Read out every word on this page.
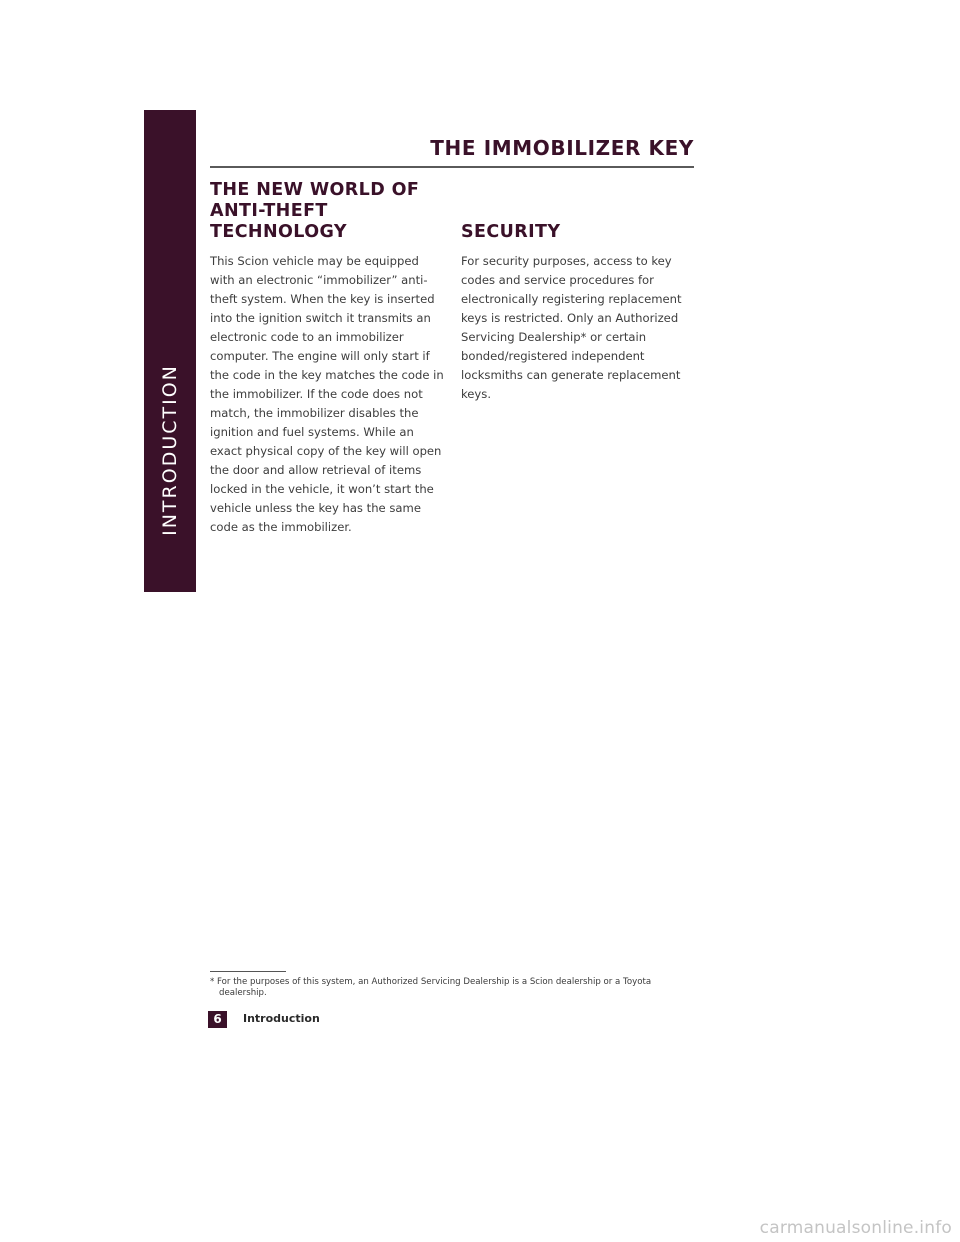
INTRODUCTION
THE IMMOBILIZER KEY
THE NEW WORLD OF ANTI-THEFT TECHNOLOGY

This Scion vehicle may be equipped with an electronic “immobilizer” anti-theft system. When the key is inserted into the ignition switch it transmits an electronic code to an immobilizer computer. The engine will only start if the code in the key matches the code in the immobilizer. If the code does not match, the immobilizer disables the ignition and fuel systems. While an exact physical copy of the key will open the door and allow retrieval of items locked in the vehicle, it won’t start the vehicle unless the key has the same code as the immobilizer.

SECURITY

For security purposes, access to key codes and service procedures for electronically registering replacement keys is restricted. Only an Authorized Servicing Dealership* or certain bonded/registered independent locksmiths can generate replacement keys.

* For the purposes of this system, an Authorized Servicing Dealership is a Scion dealership or a Toyota dealership.
6	Introduction
carmanualsonline.info
